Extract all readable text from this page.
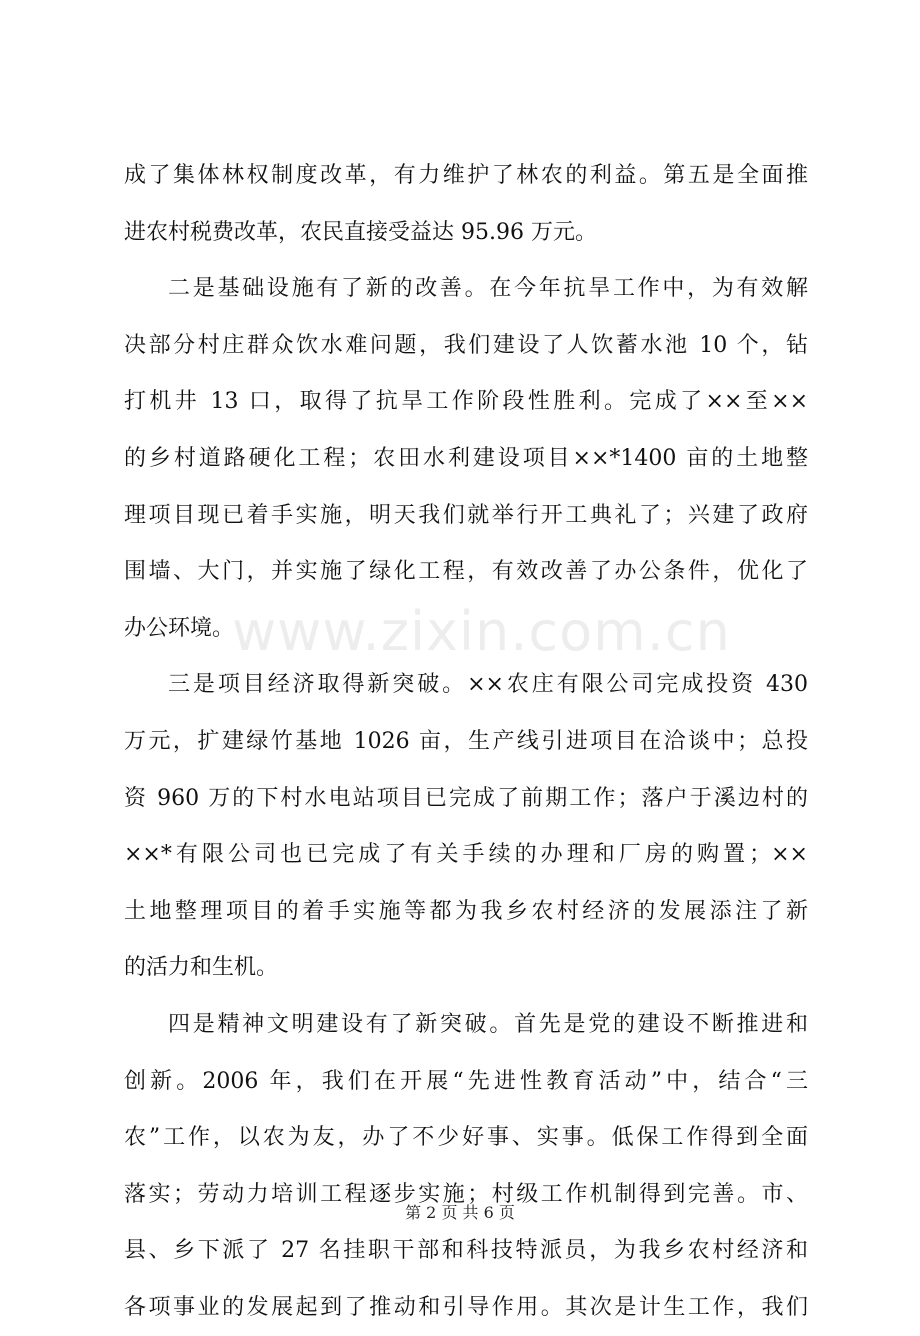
www.zixin.com.cn
成了集体林权制度改革，有力维护了林农的利益。第五是全面推
进农村税费改革，农民直接受益达 95.96 万元。
二是基础设施有了新的改善。在今年抗旱工作中，为有效解
决部分村庄群众饮水难问题，我们建设了人饮蓄水池 10 个，钻
打机井 13 口，取得了抗旱工作阶段性胜利。完成了××至××
的乡村道路硬化工程；农田水利建设项目××*1400 亩的土地整
理项目现已着手实施，明天我们就举行开工典礼了；兴建了政府
围墙、大门，并实施了绿化工程，有效改善了办公条件，优化了
办公环境。
三是项目经济取得新突破。××农庄有限公司完成投资 430
万元，扩建绿竹基地 1026 亩，生产线引进项目在洽谈中；总投
资 960 万的下村水电站项目已完成了前期工作；落户于溪边村的
××*有限公司也已完成了有关手续的办理和厂房的购置；××
土地整理项目的着手实施等都为我乡农村经济的发展添注了新
的活力和生机。
四是精神文明建设有了新突破。首先是党的建设不断推进和
创新。2006 年，我们在开展“先进性教育活动”中，结合“三
农”工作，以农为友，办了不少好事、实事。低保工作得到全面
落实；劳动力培训工程逐步实施；村级工作机制得到完善。市、
县、乡下派了 27 名挂职干部和科技特派员，为我乡农村经济和
各项事业的发展起到了推动和引导作用。其次是计生工作，我们
第 2 页 共 6 页
